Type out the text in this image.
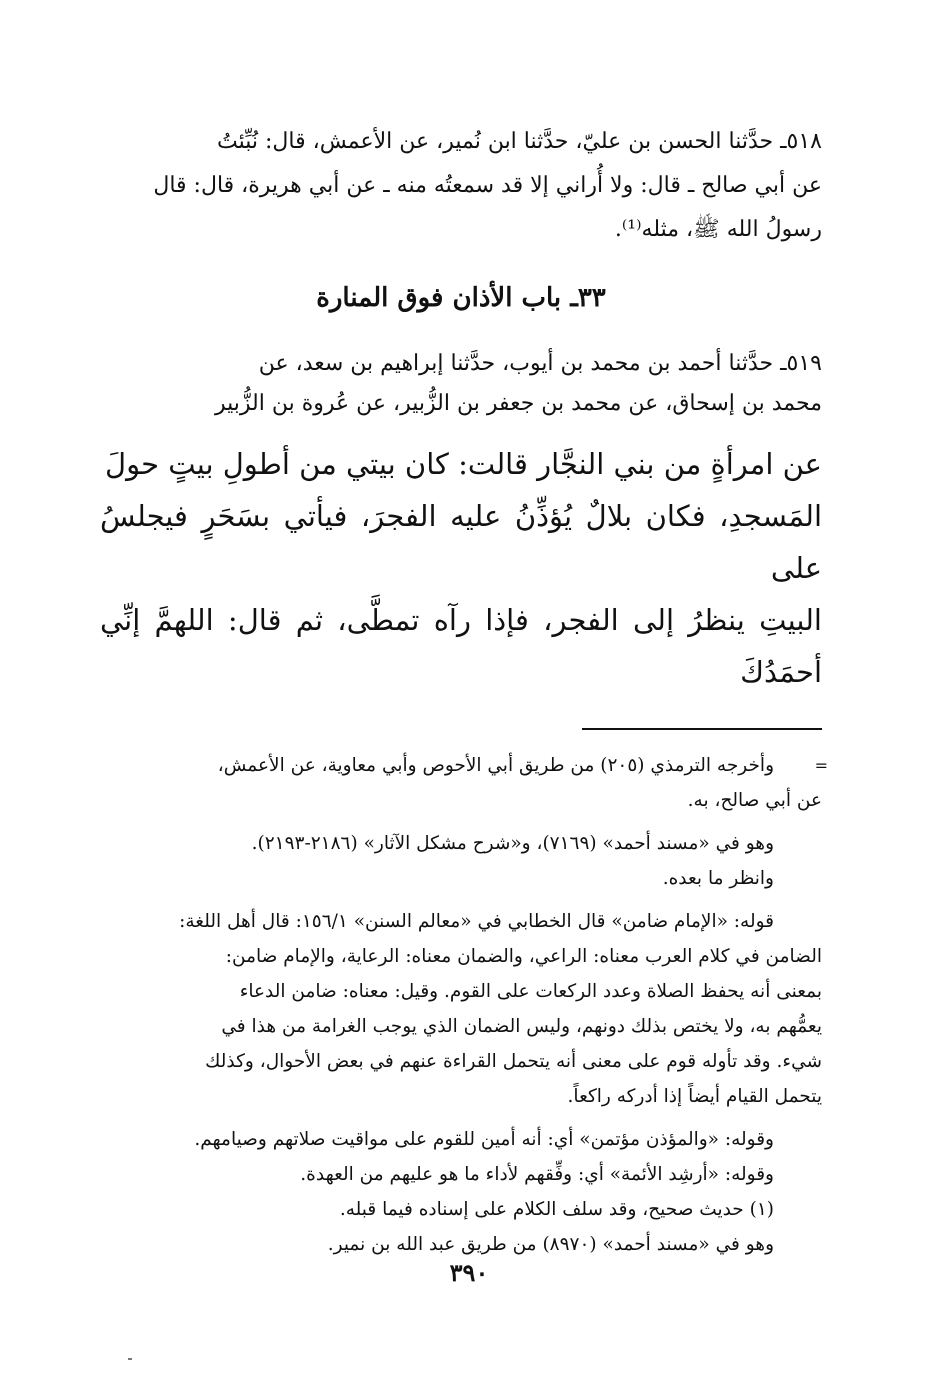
٥١٨ـ حدَّثنا الحسن بن عليّ، حدَّثنا ابن نُمير، عن الأعمش، قال: نُبِّئتُ
عن أبي صالح ـ قال: ولا أُراني إلا قد سمعتُه منه ـ عن أبي هريرة، قال: قال
رسولُ الله ﷺ، مثله⁽¹⁾.
٣٣ـ باب الأذان فوق المنارة
٥١٩ـ حدَّثنا أحمد بن محمد بن أيوب، حدَّثنا إبراهيم بن سعد، عن
محمد بن إسحاق، عن محمد بن جعفر بن الزُّبير، عن عُروة بن الزُّبير
عن امرأةٍ من بني النجَّار قالت: كان بيتي من أطولِ بيتٍ حولَ
المَسجدِ، فكان بلالٌ يُؤذِّنُ عليه الفجرَ، فيأتي بسَحَرٍ فيجلسُ على
البيتِ ينظرُ إلى الفجر، فإذا رآه تمطَّى، ثم قال: اللهمَّ إنِّي أحمَدُكَ
=
وأخرجه الترمذي (٢٠٥) من طريق أبي الأحوص وأبي معاوية، عن الأعمش،
عن أبي صالح، به.
وهو في «مسند أحمد» (٧١٦٩)، و«شرح مشكل الآثار» (٢١٨٦-٢١٩٣).
وانظر ما بعده.
قوله: «الإمام ضامن» قال الخطابي في «معالم السنن» ١٥٦/١: قال أهل اللغة:
الضامن في كلام العرب معناه: الراعي، والضمان معناه: الرعاية، والإمام ضامن:
بمعنى أنه يحفظ الصلاة وعدد الركعات على القوم. وقيل: معناه: ضامن الدعاء
يعمُّهم به، ولا يختص بذلك دونهم، وليس الضمان الذي يوجب الغرامة من هذا في
شيء. وقد تأوله قوم على معنى أنه يتحمل القراءة عنهم في بعض الأحوال، وكذلك
يتحمل القيام أيضاً إذا أدركه راكعاً.
وقوله: «والمؤذن مؤتمن» أي: أنه أمين للقوم على مواقيت صلاتهم وصيامهم.
وقوله: «أرشِد الأئمة» أي: وفِّقهم لأداء ما هو عليهم من العهدة.
(١) حديث صحيح، وقد سلف الكلام على إسناده فيما قبله.
وهو في «مسند أحمد» (٨٩٧٠) من طريق عبد الله بن نمير.
٣٩٠
